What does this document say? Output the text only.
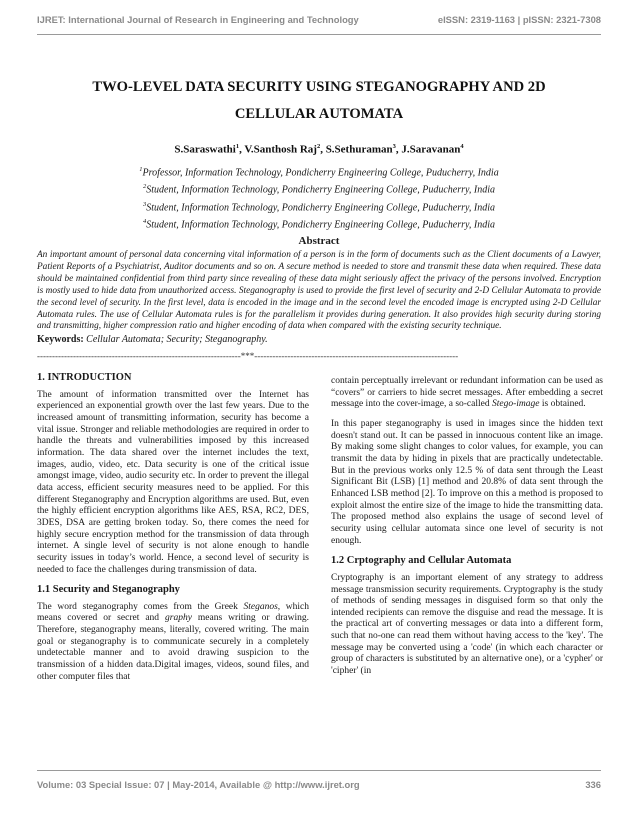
IJRET: International Journal of Research in Engineering and Technology	eISSN: 2319-1163 | pISSN: 2321-7308
TWO-LEVEL DATA SECURITY USING STEGANOGRAPHY AND 2D
CELLULAR AUTOMATA
S.Saraswathi$^1$, V.Santhosh Raj$^2$, S.Sethuraman$^3$, J.Saravanan$^4$
$^1$Professor, Information Technology, Pondicherry Engineering College, Puducherry, India
$^2$Student, Information Technology, Pondicherry Engineering College, Puducherry, India
$^3$Student, Information Technology, Pondicherry Engineering College, Puducherry, India
$^4$Student, Information Technology, Pondicherry Engineering College, Puducherry, India
Abstract
An important amount of personal data concerning vital information of a person is in the form of documents such as the Client documents of a Lawyer, Patient Reports of a Psychiatrist, Auditor documents and so on. A secure method is needed to store and transmit these data when required. These data should be maintained confidential from third party since revealing of these data might seriously affect the privacy of the persons involved. Encryption is mostly used to hide data from unauthorized access. Steganography is used to provide the first level of security and 2-D Cellular Automata to provide the second level of security. In the first level, data is encoded in the image and in the second level the encoded image is encrypted using 2-D Cellular Automata rules. The use of Cellular Automata rules is for the parallelism it provides during generation. It also provides high security during storing and transmitting, higher compression ratio and higher encoding of data when compared with the existing security technique.
Keywords: Cellular Automata; Security; Steganography.
--------------------------------------------------------------------***--------------------------------------------------------------------
1. INTRODUCTION

The amount of information transmitted over the Internet has experienced an exponential growth over the last few years. Due to the increased amount of transmitting information, security has become a vital issue. Stronger and reliable methodologies are required in order to handle the threats and vulnerabilities imposed by this increased information. The data shared over the internet includes the text, images, audio, video, etc. Data security is one of the critical issue amongst image, video, audio security etc. In order to prevent the illegal data access, efficient security measures need to be applied. For this different Steganography and Encryption algorithms are used. But, even the highly efficient encryption algorithms like AES, RSA, RC2, DES, 3DES, DSA are getting broken today. So, there comes the need for highly secure encryption method for the transmission of data through internet. A single level of security is not alone enough to handle security issues in today’s world. Hence, a second level of security is needed to face the challenges during transmission of data.

1.1 Security and Steganography

The word steganography comes from the Greek Steganos, which means covered or secret and graphy means writing or drawing. Therefore, steganography means, literally, covered writing. The main goal or steganography is to communicate securely in a completely undetectable manner and to avoid drawing suspicion to the transmission of a hidden data.Digital images, videos, sound files, and other computer files that

contain perceptually irrelevant or redundant information can be used as “covers” or carriers to hide secret messages. After embedding a secret message into the cover-image, a so-called Stego-image is obtained.

In this paper steganography is used in images since the hidden text doesn't stand out. It can be passed in innocuous content like an image. By making some slight changes to color values, for example, you can transmit the data by hiding in pixels that are practically undetectable. But in the previous works only 12.5 % of data sent through the Least Significant Bit (LSB) [1] method and 20.8% of data sent through the Enhanced LSB method [2]. To improve on this a method is proposed to exploit almost the entire size of the image to hide the transmitting data. The proposed method also explains the usage of second level of security using cellular automata since one level of security is not enough.

1.2 Crptography and Cellular Automata

Cryptography is an important element of any strategy to address message transmission security requirements. Cryptography is the study of methods of sending messages in disguised form so that only the intended recipients can remove the disguise and read the message. It is the practical art of converting messages or data into a different form, such that no-one can read them without having access to the 'key'. The message may be converted using a 'code' (in which each character or group of characters is substituted by an alternative one), or a 'cypher' or 'cipher' (in

Volume: 03 Special Issue: 07 | May-2014, Available @ http://www.ijret.org	336
